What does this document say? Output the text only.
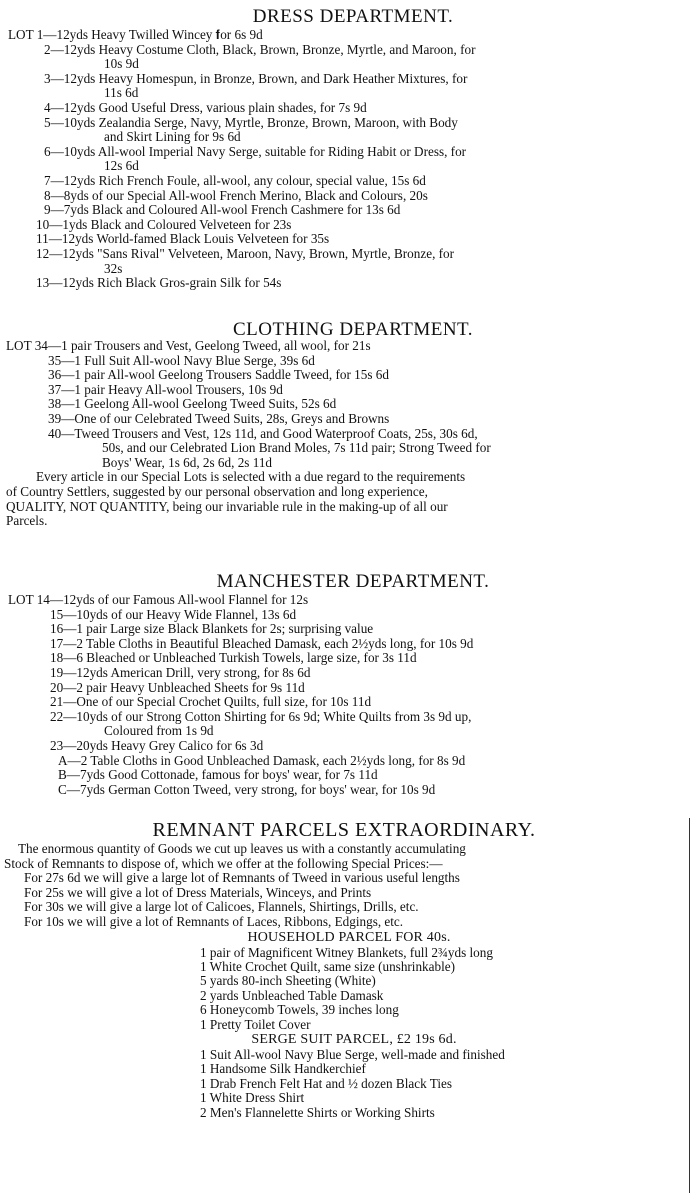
DRESS DEPARTMENT.
LOT 1—12yds Heavy Twilled Wincey 𝐟or 6s 9d
2—12yds Heavy Costume Cloth, Black, Brown, Bronze, Myrtle, and Maroon, for
10s 9d
3—12yds Heavy Homespun, in Bronze, Brown, and Dark Heather Mixtures, for
11s 6d
4—12yds Good Useful Dress, various plain shades, for 7s 9d
5—10yds Zealandia Serge, Navy, Myrtle, Bronze, Brown, Maroon, with Body
and Skirt Lining for 9s 6d
6—10yds All-wool Imperial Navy Serge, suitable for Riding Habit or Dress, for
12s 6d
7—12yds Rich French Foule, all-wool, any colour, special value, 15s 6d
8—8yds of our Special All-wool French Merino, Black and Colours, 20s
9—7yds Black and Coloured All-wool French Cashmere for 13s 6d
10—1yds Black and Coloured Velveteen for 23s
11—12yds World-famed Black Louis Velveteen for 35s
12—12yds "Sans Rival" Velveteen, Maroon, Navy, Brown, Myrtle, Bronze, for
32s
13—12yds Rich Black Gros-grain Silk for 54s
CLOTHING DEPARTMENT.
LOT 34—1 pair Trousers and Vest, Geelong Tweed, all wool, for 21s
35—1 Full Suit All-wool Navy Blue Serge, 39s 6d
36—1 pair All-wool Geelong Trousers Saddle Tweed, for 15s 6d
37—1 pair Heavy All-wool Trousers, 10s 9d
38—1 Geelong All-wool Geelong Tweed Suits, 52s 6d
39—One of our Celebrated Tweed Suits, 28s, Greys and Browns
40—Tweed Trousers and Vest, 12s 11d, and Good Waterproof Coats, 25s, 30s 6d,
50s, and our Celebrated Lion Brand Moles, 7s 11d pair; Strong Tweed for
Boys' Wear, 1s 6d, 2s 6d, 2s 11d
Every article in our Special Lots is selected with a due regard to the requirements
of Country Settlers, suggested by our personal observation and long experience,
QUALITY, NOT QUANTITY, being our invariable rule in the making-up of all our
Parcels.
MANCHESTER DEPARTMENT.
LOT 14—12yds of our Famous All-wool Flannel for 12s
15—10yds of our Heavy Wide Flannel, 13s 6d
16—1 pair Large size Black Blankets for 2s; surprising value
17—2 Table Cloths in Beautiful Bleached Damask, each 2½yds long, for 10s 9d
18—6 Bleached or Unbleached Turkish Towels, large size, for 3s 11d
19—12yds American Drill, very strong, for 8s 6d
20—2 pair Heavy Unbleached Sheets for 9s 11d
21—One of our Special Crochet Quilts, full size, for 10s 11d
22—10yds of our Strong Cotton Shirting for 6s 9d; White Quilts from 3s 9d up,
Coloured from 1s 9d
23—20yds Heavy Grey Calico for 6s 3d
A—2 Table Cloths in Good Unbleached Damask, each 2½yds long, for 8s 9d
B—7yds Good Cottonade, famous for boys' wear, for 7s 11d
C—7yds German Cotton Tweed, very strong, for boys' wear, for 10s 9d
REMNANT PARCELS EXTRAORDINARY.
The enormous quantity of Goods we cut up leaves us with a constantly accumulating
Stock of Remnants to dispose of, which we offer at the following Special Prices:—
For 27s 6d we will give a large lot of Remnants of Tweed in various useful lengths
For 25s we will give a lot of Dress Materials, Winceys, and Prints
For 30s we will give a large lot of Calicoes, Flannels, Shirtings, Drills, etc.
For 10s we will give a lot of Remnants of Laces, Ribbons, Edgings, etc.
HOUSEHOLD PARCEL FOR 40s.
1 pair of Magnificent Witney Blankets, full 2¾yds long
1 White Crochet Quilt, same size (unshrinkable)
5 yards 80-inch Sheeting (White)
2 yards Unbleached Table Damask
6 Honeycomb Towels, 39 inches long
1 Pretty Toilet Cover
SERGE SUIT PARCEL, £2 19s 6d.
1 Suit All-wool Navy Blue Serge, well-made and finished
1 Handsome Silk Handkerchief
1 Drab French Felt Hat and ½ dozen Black Ties
1 White Dress Shirt
2 Men's Flannelette Shirts or Working Shirts
